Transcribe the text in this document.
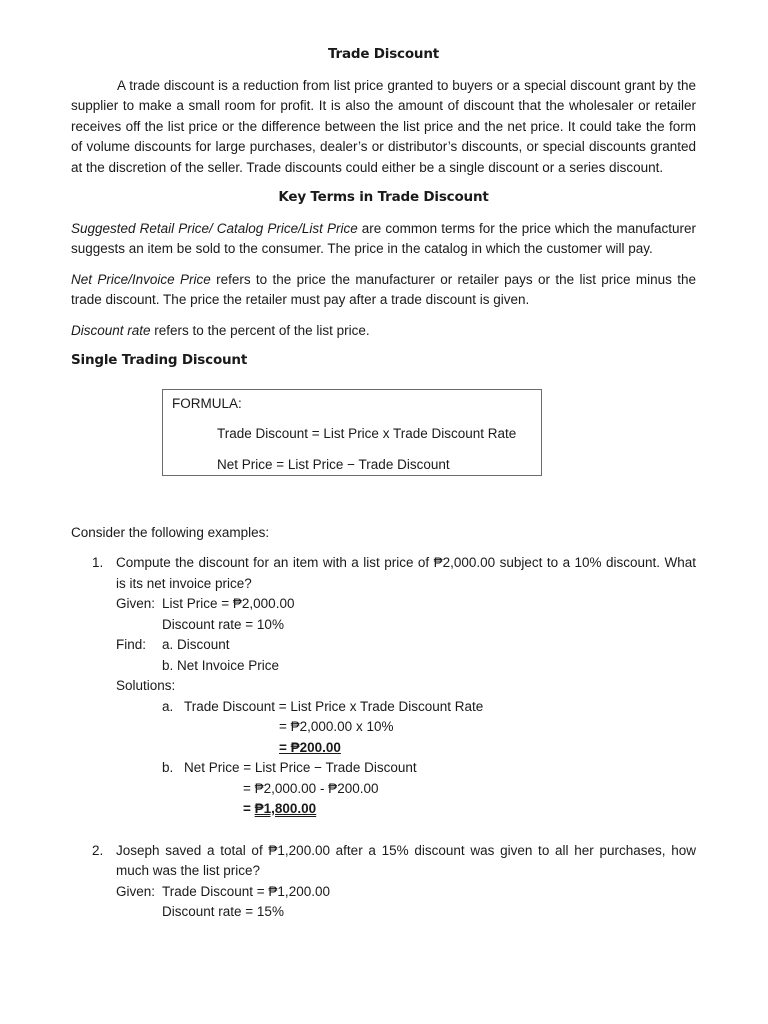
Trade Discount

A trade discount is a reduction from list price granted to buyers or a special discount grant by the supplier to make a small room for profit. It is also the amount of discount that the wholesaler or retailer receives off the list price or the difference between the list price and the net price. It could take the form of volume discounts for large purchases, dealer’s or distributor’s discounts, or special discounts granted at the discretion of the seller. Trade discounts could either be a single discount or a series discount.

Key Terms in Trade Discount

Suggested Retail Price/ Catalog Price/List Price are common terms for the price which the manufacturer suggests an item be sold to the consumer. The price in the catalog in which the customer will pay.

Net Price/Invoice Price refers to the price the manufacturer or retailer pays or the list price minus the trade discount. The price the retailer must pay after a trade discount is given.

Discount rate refers to the percent of the list price.

Single Trading Discount
FORMULA:
Trade Discount = List Price x Trade Discount Rate
Net Price = List Price − Trade Discount

Consider the following examples:

1. Compute the discount for an item with a list price of ₱2,000.00 subject to a 10% discount. What is its net invoice price?
Given: List Price = ₱2,000.00
Discount rate = 10%
Find:	a. Discount
b. Net Invoice Price
Solutions:
a. Trade Discount = List Price x Trade Discount Rate
= ₱2,000.00 x 10%
= ₱200.00
b. Net Price = List Price − Trade Discount
= ₱2,000.00 - ₱200.00
= ₱1,800.00
2. Joseph saved a total of ₱1,200.00 after a 15% discount was given to all her purchases, how much was the list price?
Given: Trade Discount = ₱1,200.00
Discount rate = 15%
